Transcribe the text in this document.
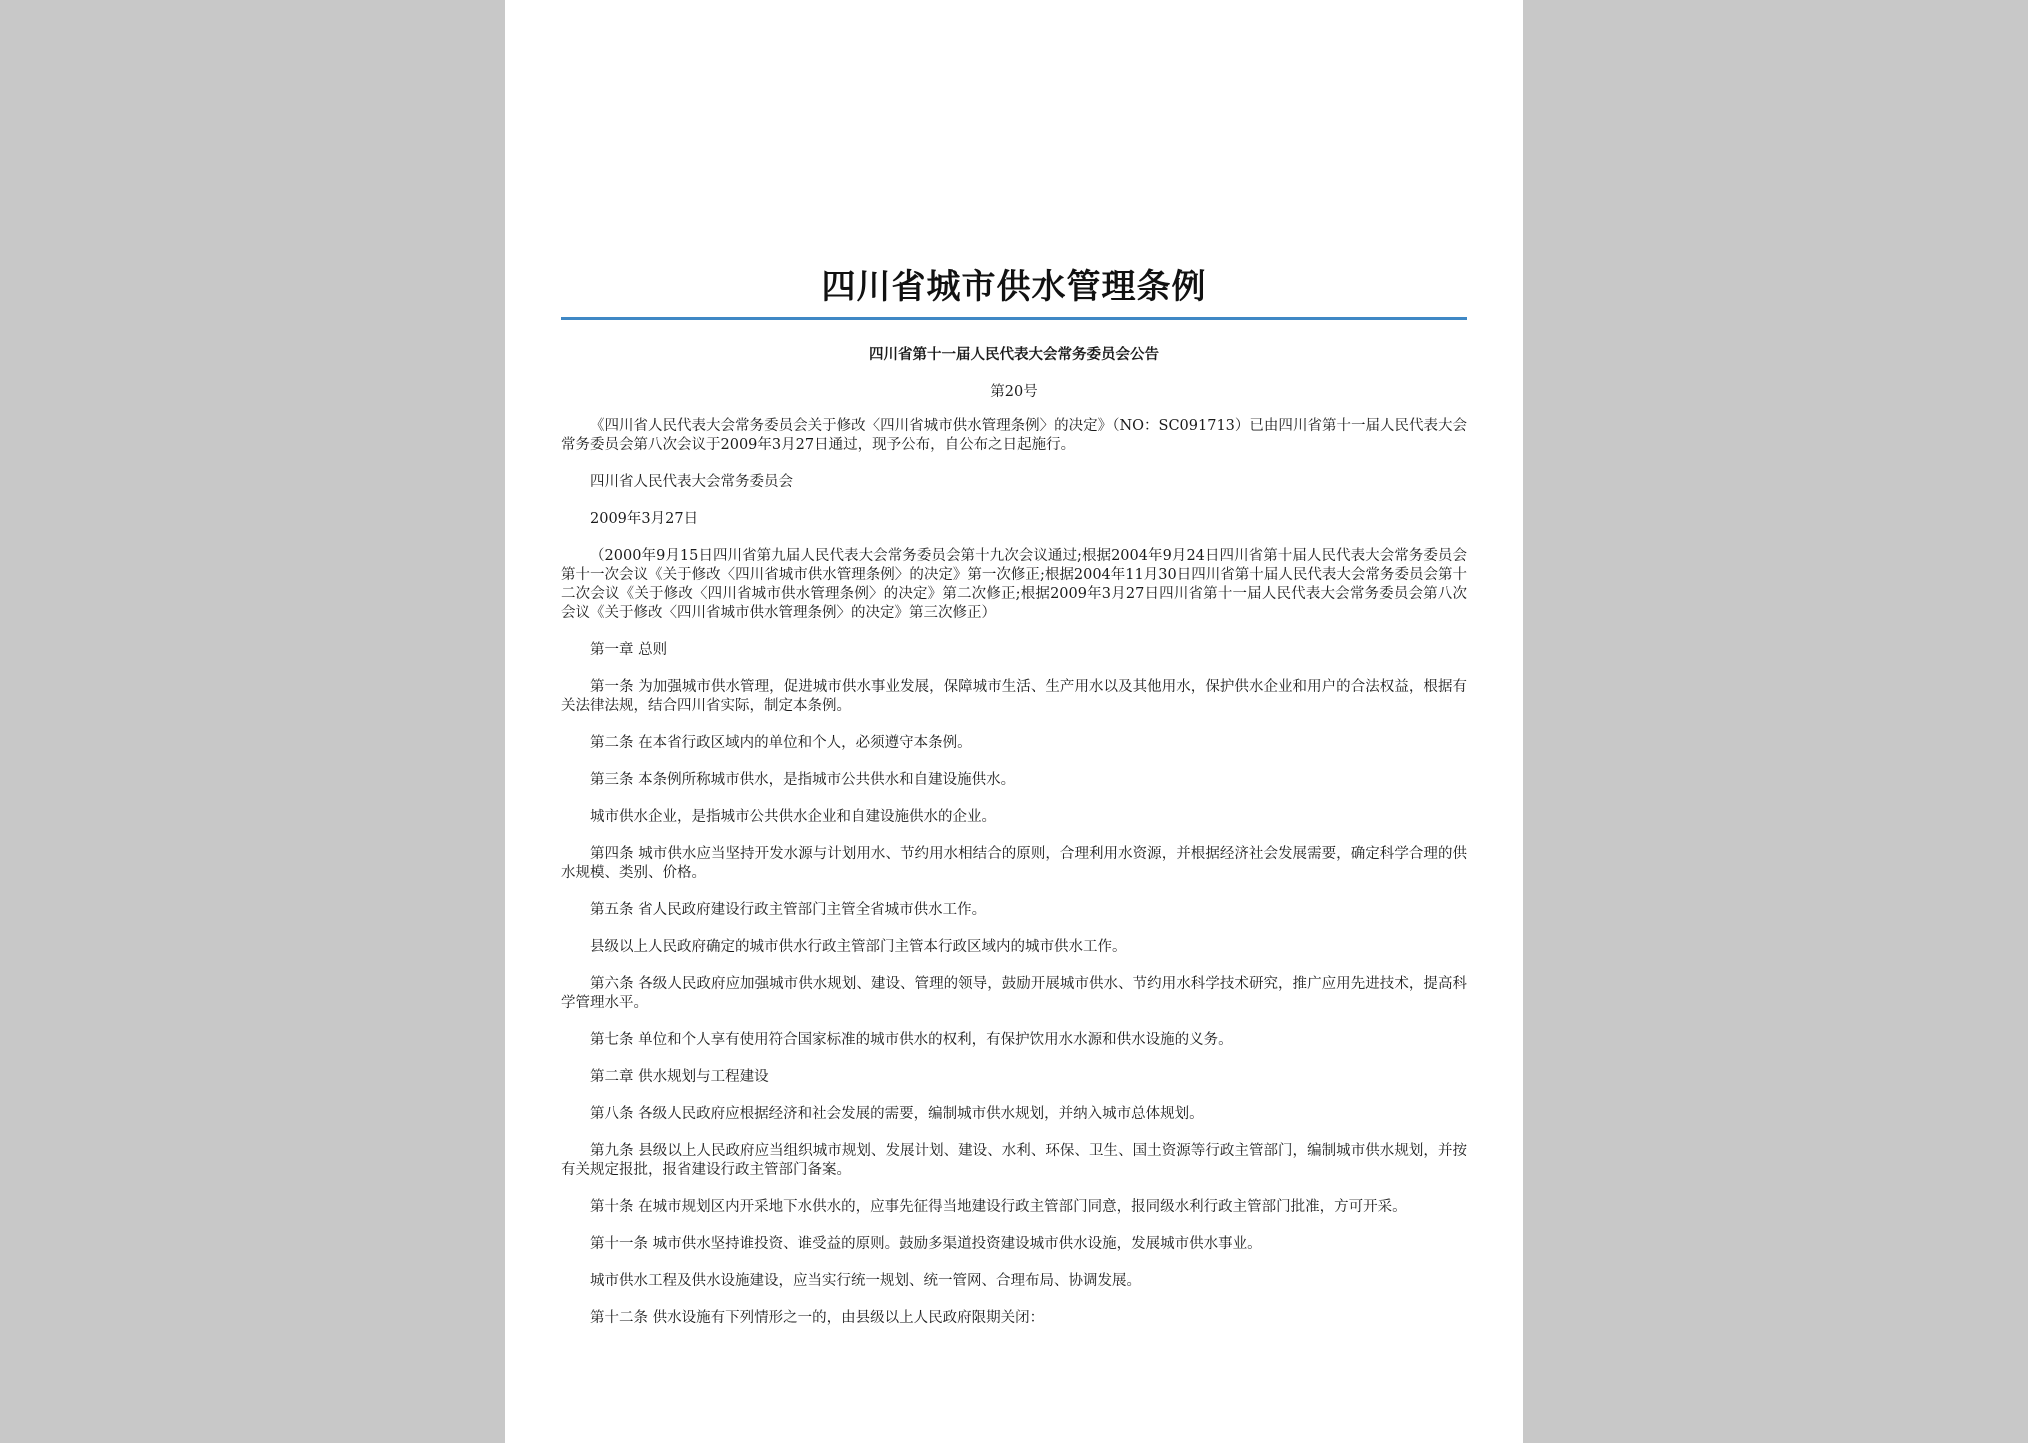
四川省城市供水管理条例

四川省第十一届人民代表大会常务委员会公告

第20号

《四川省人民代表大会常务委员会关于修改〈四川省城市供水管理条例〉的决定》（NO：SC091713）已由四川省第十一届人民代表大会常务委员会第八次会议于2009年3月27日通过，现予公布，自公布之日起施行。

四川省人民代表大会常务委员会

2009年3月27日

（2000年9月15日四川省第九届人民代表大会常务委员会第十九次会议通过;根据2004年9月24日四川省第十届人民代表大会常务委员会第十一次会议《关于修改〈四川省城市供水管理条例〉的决定》第一次修正;根据2004年11月30日四川省第十届人民代表大会常务委员会第十二次会议《关于修改〈四川省城市供水管理条例〉的决定》第二次修正;根据2009年3月27日四川省第十一届人民代表大会常务委员会第八次会议《关于修改〈四川省城市供水管理条例〉的决定》第三次修正）

第一章 总则

第一条 为加强城市供水管理，促进城市供水事业发展，保障城市生活、生产用水以及其他用水，保护供水企业和用户的合法权益，根据有关法律法规，结合四川省实际，制定本条例。

第二条 在本省行政区域内的单位和个人，必须遵守本条例。

第三条 本条例所称城市供水，是指城市公共供水和自建设施供水。

城市供水企业，是指城市公共供水企业和自建设施供水的企业。

第四条 城市供水应当坚持开发水源与计划用水、节约用水相结合的原则，合理利用水资源，并根据经济社会发展需要，确定科学合理的供水规模、类别、价格。

第五条 省人民政府建设行政主管部门主管全省城市供水工作。

县级以上人民政府确定的城市供水行政主管部门主管本行政区域内的城市供水工作。

第六条 各级人民政府应加强城市供水规划、建设、管理的领导，鼓励开展城市供水、节约用水科学技术研究，推广应用先进技术，提高科学管理水平。

第七条 单位和个人享有使用符合国家标准的城市供水的权利，有保护饮用水水源和供水设施的义务。

第二章 供水规划与工程建设

第八条 各级人民政府应根据经济和社会发展的需要，编制城市供水规划，并纳入城市总体规划。

第九条 县级以上人民政府应当组织城市规划、发展计划、建设、水利、环保、卫生、国土资源等行政主管部门，编制城市供水规划，并按有关规定报批，报省建设行政主管部门备案。

第十条 在城市规划区内开采地下水供水的，应事先征得当地建设行政主管部门同意，报同级水利行政主管部门批准，方可开采。

第十一条 城市供水坚持谁投资、谁受益的原则。鼓励多渠道投资建设城市供水设施，发展城市供水事业。

城市供水工程及供水设施建设，应当实行统一规划、统一管网、合理布局、协调发展。

第十二条 供水设施有下列情形之一的，由县级以上人民政府限期关闭：
